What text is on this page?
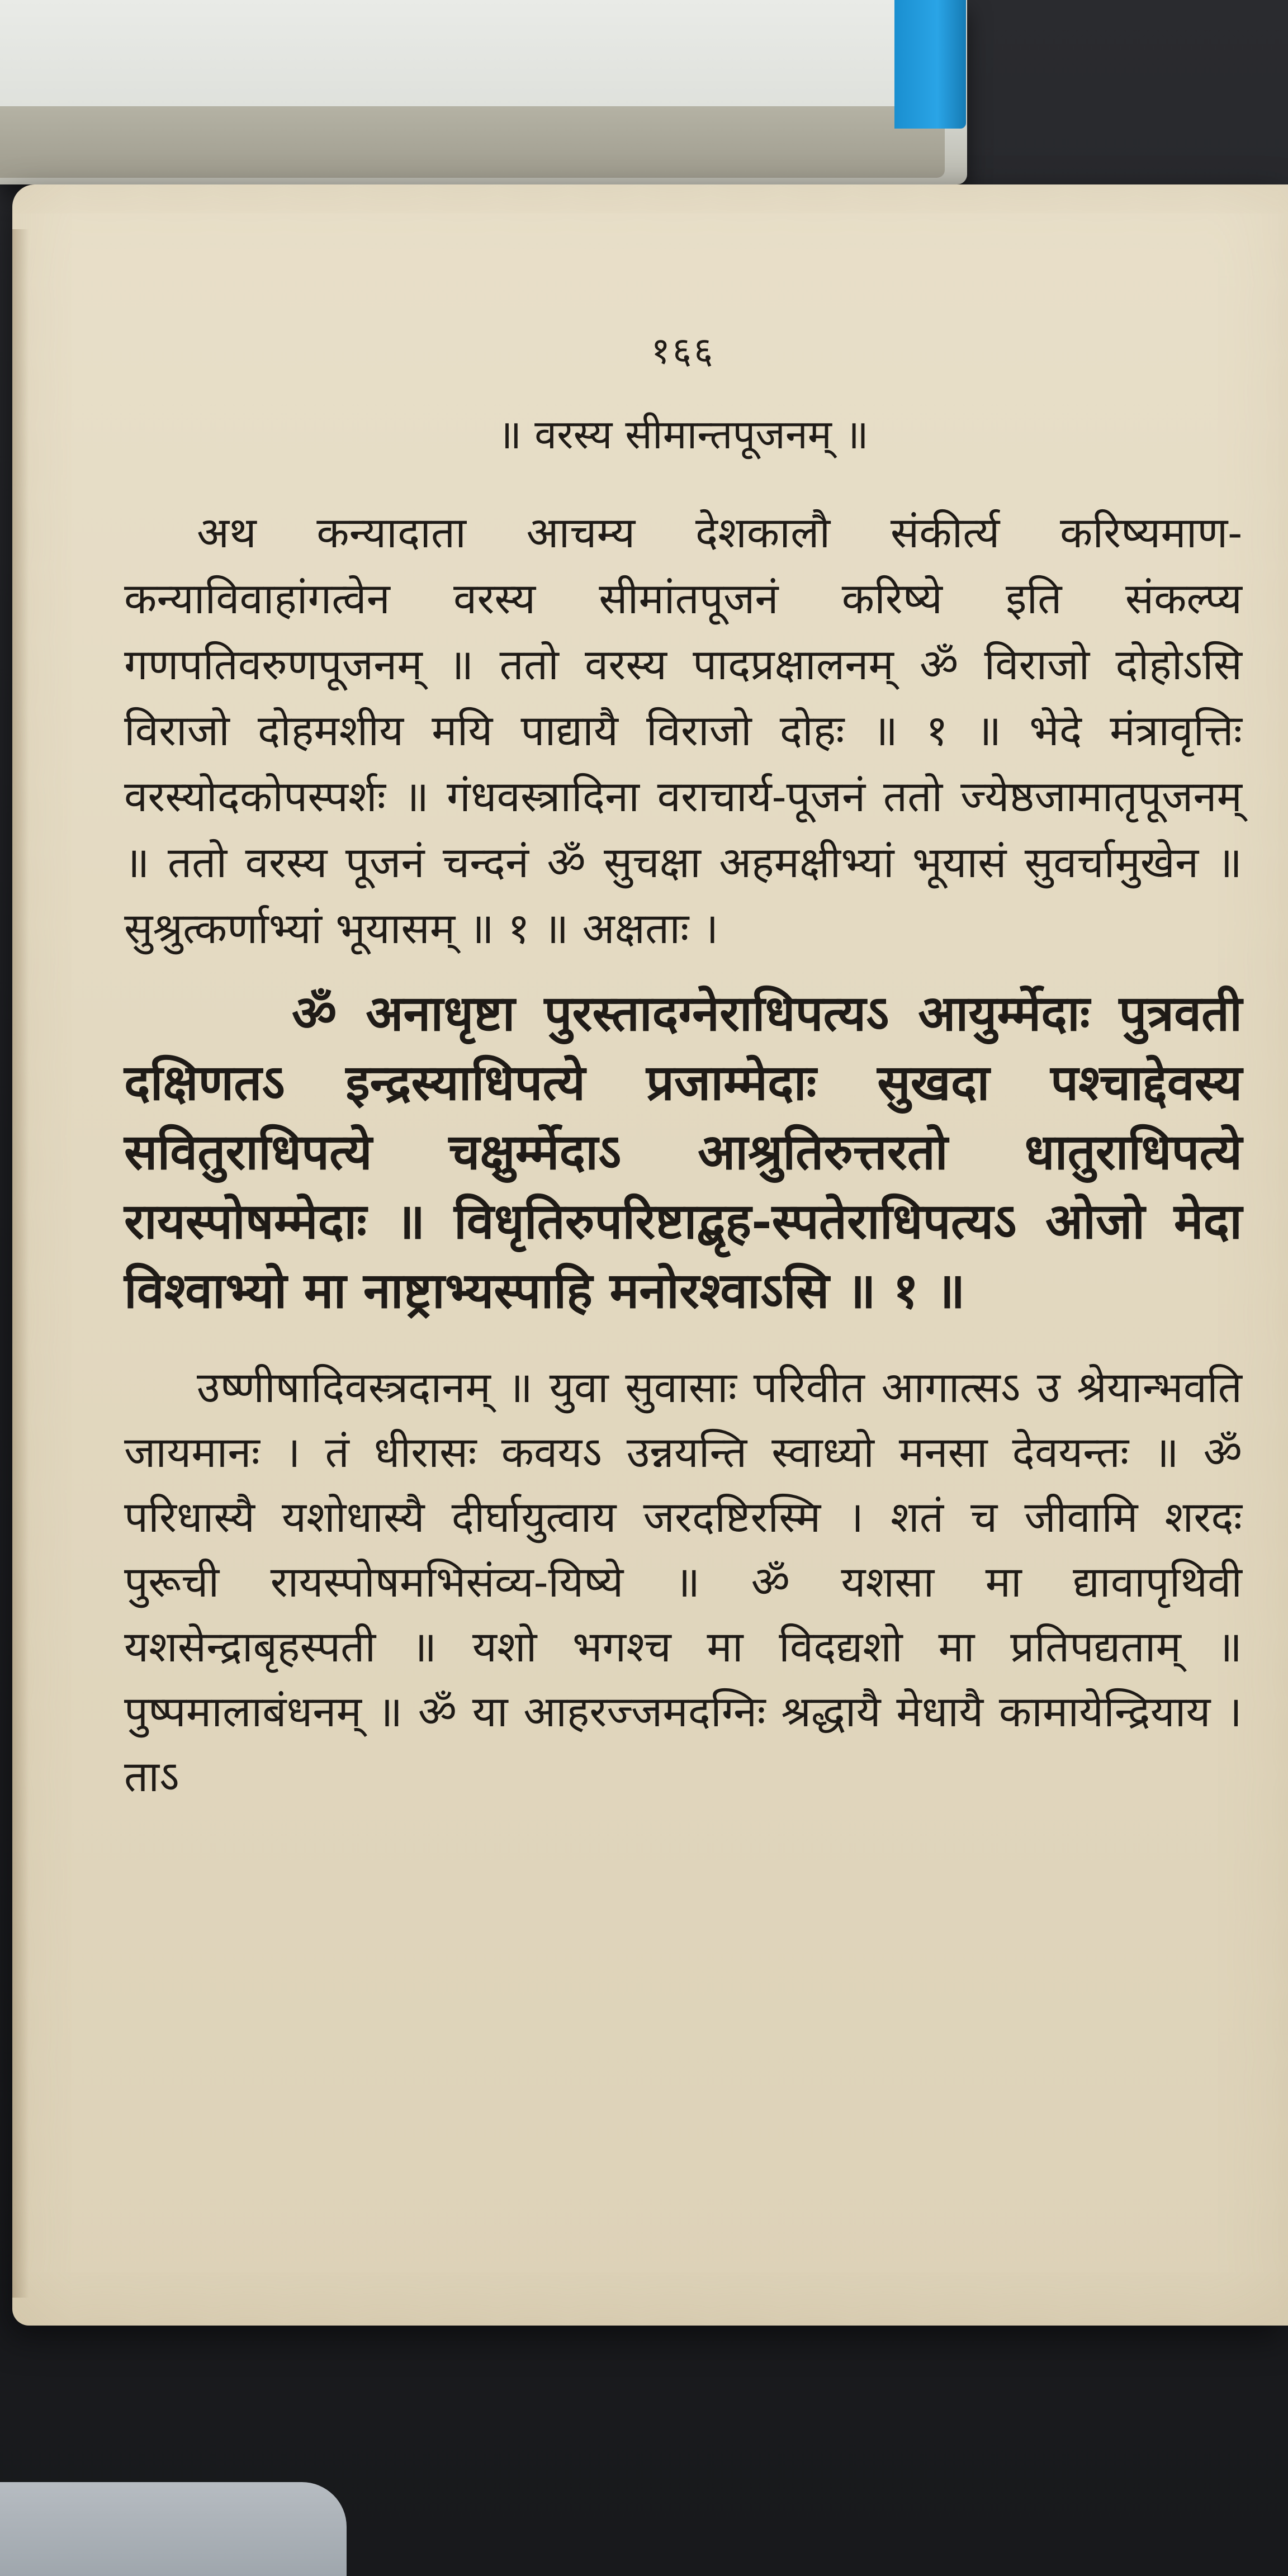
१६६
॥ वरस्य सीमान्तपूजनम् ॥

अथ कन्यादाता आचम्य देशकालौ संकीर्त्य करिष्यमाण-कन्याविवाहांगत्वेन वरस्य सीमांतपूजनं करिष्ये इति संकल्प्य गणपतिवरुणपूजनम् ॥ ततो वरस्य पादप्रक्षालनम् ॐ विराजो दोहोऽसि विराजो दोहमशीय मयि पाद्यायै विराजो दोहः ॥ १ ॥ भेदे मंत्रावृत्तिः वरस्योदकोपस्पर्शः ॥ गंधवस्त्रादिना वराचार्य-पूजनं ततो ज्येष्ठजामातृपूजनम् ॥ ततो वरस्य पूजनं चन्दनं ॐ सुचक्षा अहमक्षीभ्यां भूयासं सुवर्चामुखेन ॥ सुश्रुत्कर्णाभ्यां भूयासम् ॥ १ ॥ अक्षताः ।

ॐ अनाधृष्टा पुरस्तादग्नेराधिपत्यऽ आयुर्म्मेदाः पुत्रवती दक्षिणतऽ इन्द्रस्याधिपत्ये प्रजाम्मेदाः सुखदा पश्चाद्देवस्य सवितुराधिपत्ये चक्षुर्म्मेदाऽ आश्रुतिरुत्तरतो धातुराधिपत्ये रायस्पोषम्मेदाः ॥ विधृतिरुपरिष्टाद्बृह-स्पतेराधिपत्यऽ ओजो मेदा विश्वाभ्यो मा नाष्ट्राभ्यस्पाहि मनोरश्वाऽसि ॥ १ ॥

उष्णीषादिवस्त्रदानम् ॥ युवा सुवासाः परिवीत आगात्सऽ उ श्रेयान्भवति जायमानः । तं धीरासः कवयऽ उन्नयन्ति स्वाध्यो मनसा देवयन्तः ॥ ॐ परिधास्यै यशोधास्यै दीर्घायुत्वाय जरदष्टिरस्मि । शतं च जीवामि शरदः पुरूची रायस्पोषमभिसंव्य-यिष्ये ॥ ॐ यशसा मा द्यावापृथिवी यशसेन्द्राबृहस्पती ॥ यशो भगश्च मा विदद्यशो मा प्रतिपद्यताम् ॥ पुष्पमालाबंधनम् ॥ ॐ या आहरज्जमदग्निः श्रद्धायै मेधायै कामायेन्द्रियाय । ताऽ
